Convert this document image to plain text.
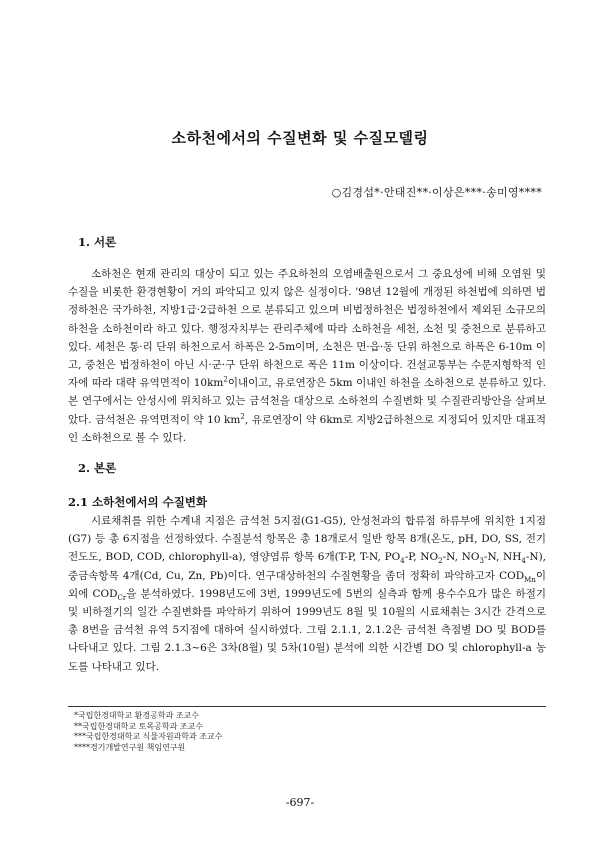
소하천에서의 수질변화 및 수질모델링
○김경섭*·안태진**·이상은***·송미영****
1. 서론
소하천은 현재 관리의 대상이 되고 있는 주요하천의 오염배출원으로서 그 중요성에 비해 오염원 및 수질을 비롯한 환경현황이 거의 파악되고 있지 않은 실정이다. '98년 12월에 개정된 하천법에 의하면 법정하천은 국가하천, 지방1급·2급하천 으로 분류되고 있으며 비법정하천은 법정하천에서 제외된 소규모의 하천을 소하천이라 하고 있다. 행정자치부는 관리주체에 따라 소하천을 세천, 소천 및 중천으로 분류하고 있다. 세천은 통·리 단위 하천으로서 하폭은 2-5m이며, 소천은 면·읍·동 단위 하천으로 하폭은 6-10m 이고, 중천은 법정하천이 아닌 시·군·구 단위 하천으로 폭은 11m 이상이다. 건설교통부는 수문지형학적 인자에 따라 대략 유역면적이 $10km^2$이내이고, 유로연장은 5km 이내인 하천을 소하천으로 분류하고 있다. 본 연구에서는 안성시에 위치하고 있는 금석천을 대상으로 소하천의 수질변화 및 수질관리방안을 살펴보았다. 금석천은 유역면적이 약 10 $km^2$, 유로연장이 약 6km로 지방2급하천으로 지정되어 있지만 대표적인 소하천으로 볼 수 있다.
2. 본론
2.1 소하천에서의 수질변화
시료채취를 위한 수계내 지점은 금석천 5지점(G1-G5), 안성천과의 합류점 하류부에 위치한 1지점(G7) 등 총 6지점을 선정하였다. 수질분석 항목은 총 18개로서 일반 항목 8개(온도, pH, DO, SS, 전기전도도, BOD, COD, chlorophyll-a), 영양염류 항목 6개(T-P, T-N, $PO_4-P$, $NO_2-N$, $NO_3-N$, $NH_4-N$), 중금속항목 4개(Cd, Cu, Zn, Pb)이다. 연구대상하천의 수질현황을 좀더 정확히 파악하고자 $COD_{Mn}$이외에 $COD_{Cr}$을 분석하였다. 1998년도에 3번, 1999년도에 5번의 실측과 함께 용수수요가 많은 하절기 및 비하절기의 일간 수질변화를 파악하기 위하여 1999년도 8월 및 10월의 시료채취는 3시간 간격으로 총 8번을 금석천 유역 5지점에 대하여 실시하였다. 그림 2.1.1, 2.1.2은 금석천 측점별 DO 및 BOD를 나타내고 있다. 그림 2.1.3~6은 3차(8월) 및 5차(10월) 분석에 의한 시간별 DO 및 chlorophyll-a 농도를 나타내고 있다.
*국립한경대학교 환경공학과 조교수
**국립한경대학교 토목공학과 조교수
***국립한경대학교 식물자원과학과 조교수
****경기개발연구원 책임연구원
-697-
